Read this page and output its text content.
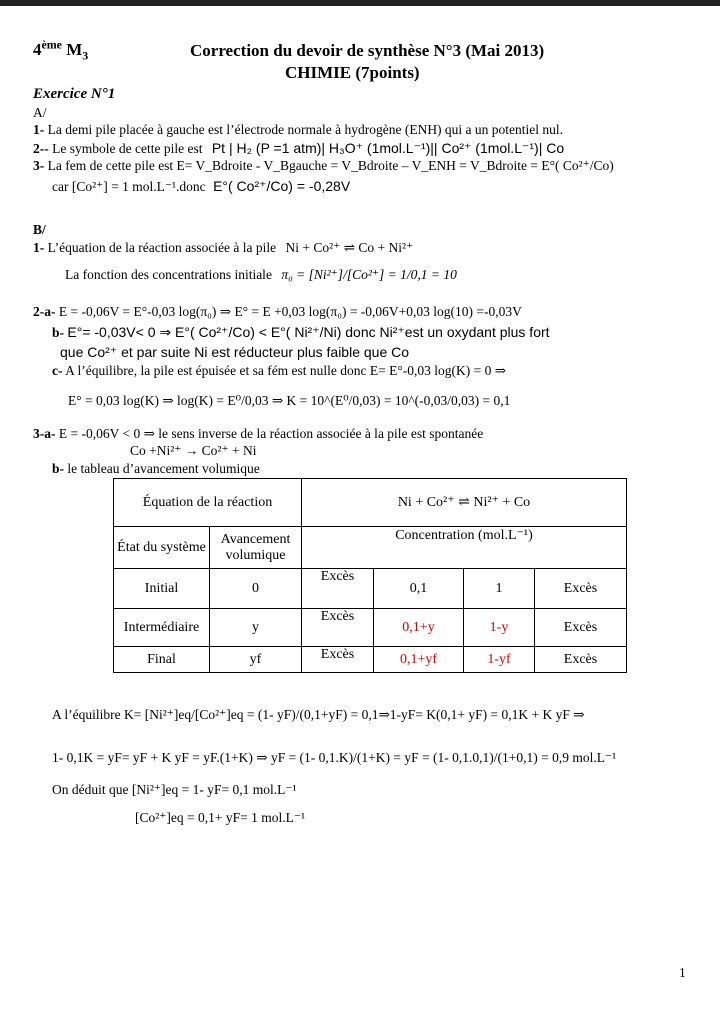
4ème $M_3$	Correction du devoir de synthèse N°3 (Mai 2013)
CHIMIE (7points)
Exercice N°1
A/
1- La demi pile placée à gauche est l’électrode normale à hydrogène (ENH) qui a un potentiel nul.
2-- Le symbole de cette pile est Pt | H₂ (P =1 atm)| H₃O⁺ (1mol.L⁻¹)|| Co²⁺ (1mol.L⁻¹)| Co
3- La fem de cette pile est E= V_Bdroite - V_Bgauche = V_Bdroite – V_ENH = V_Bdroite = E°( Co²⁺/Co)
car [Co²⁺] = 1 mol.L⁻¹.donc E°( Co²⁺/Co) = -0,28V
B/
1- L’équation de la réaction associée à la pile Ni + Co²⁺ ⇌ Co + Ni²⁺
La fonction des concentrations initiale π₀ = [Ni²⁺]/[Co²⁺] = 1/0,1 = 10
2-a- E = -0,06V = E°-0,03 log(π₀) ⇒ E° = E +0,03 log(π₀) = -0,06V+0,03 log(10) =-0,03V
b- E°= -0,03V< 0 ⇒ E°( Co²⁺/Co) < E°( Ni²⁺/Ni) donc Ni²⁺est un oxydant plus fort
que Co²⁺ et par suite Ni est réducteur plus faible que Co
c- A l’équilibre, la pile est épuisée et sa fém est nulle donc E= E°-0,03 log(K) = 0 ⇒
E° = 0,03 log(K) ⇒ log(K) = E⁰/0,03 ⇒ K = 10^(E⁰/0,03) = 10^(-0,03/0,03) = 0,1
3-a- E = -0,06V < 0 ⇒ le sens inverse de la réaction associée à la pile est spontanée
Co +Ni²⁺ → Co²⁺ + Ni
b- le tableau d’avancement volumique
Équation de la réaction		Ni + Co²⁺ ⇌ Ni²⁺ + Co			
État du système	Avancement volumique	Concentration (mol.L⁻¹)			
Initial	0	Excès	0,1	1	Excès
Intermédiaire	y	Excès	0,1+y	1-y	Excès
Final	yf	Excès	0,1+yf	1-yf	Excès
A l’équilibre K= [Ni²⁺]eq/[Co²⁺]eq = (1- yF)/(0,1+yF) = 0,1⇒1-yF= K(0,1+ yF) = 0,1K + K yF ⇒
1- 0,1K = yF= yF + K yF = yF.(1+K) ⇒ yF = (1- 0,1.K)/(1+K) = yF = (1- 0,1.0,1)/(1+0,1) = 0,9 mol.L⁻¹
On déduit que [Ni²⁺]eq = 1- yF= 0,1 mol.L⁻¹
[Co²⁺]eq = 0,1+ yF= 1 mol.L⁻¹
1
